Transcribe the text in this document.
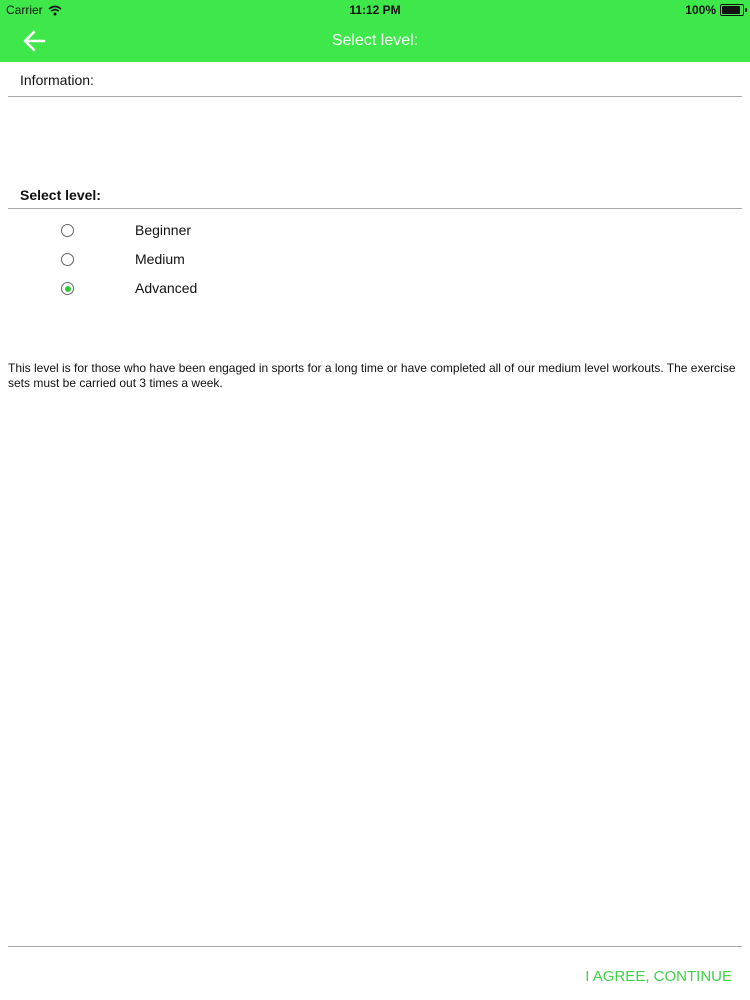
Carrier	11:12 PM	100%
Select level:
Information:
Select level:
Beginner
Medium
Advanced
This level is for those who have been engaged in sports for a long time or have completed all of our medium level workouts. The exercise sets must be carried out 3 times a week.
I AGREE, CONTINUE
